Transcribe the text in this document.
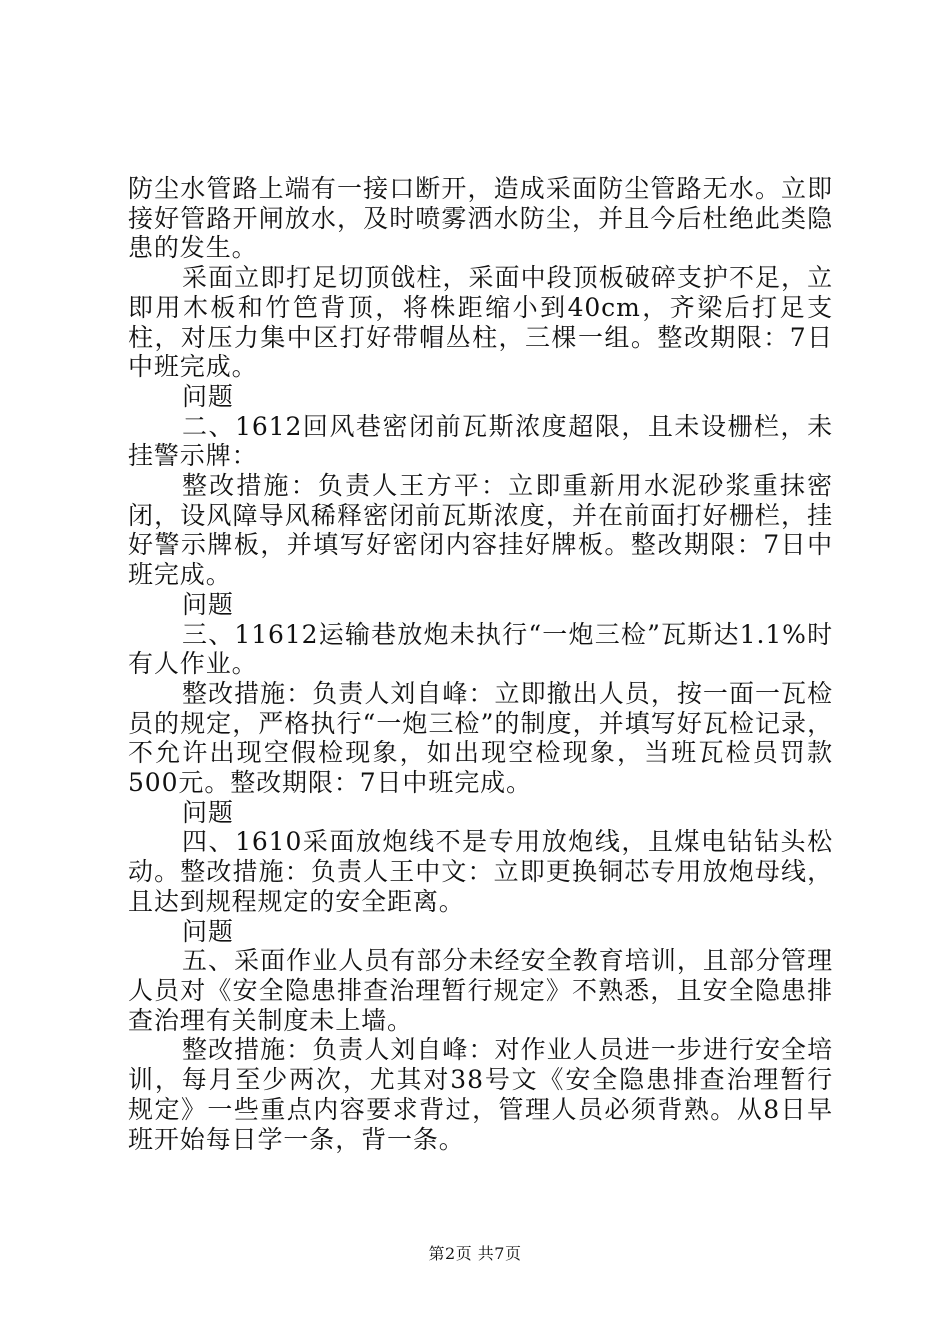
防尘水管路上端有一接口断开，造成采面防尘管路无水。立即接好管路开闸放水，及时喷雾洒水防尘，并且今后杜绝此类隐患的发生。

采面立即打足切顶戗柱，采面中段顶板破碎支护不足，立即用木板和竹笆背顶，将株距缩小到40cm，齐梁后打足支柱，对压力集中区打好带帽丛柱，三棵一组。整改期限：7日中班完成。

问题

二、1612回风巷密闭前瓦斯浓度超限，且未设栅栏，未挂警示牌：

整改措施：负责人王方平：立即重新用水泥砂浆重抹密闭，设风障导风稀释密闭前瓦斯浓度，并在前面打好栅栏，挂好警示牌板，并填写好密闭内容挂好牌板。整改期限：7日中班完成。

问题

三、11612运输巷放炮未执行“一炮三检”瓦斯达1.1%时有人作业。

整改措施：负责人刘自峰：立即撤出人员，按一面一瓦检员的规定，严格执行“一炮三检”的制度，并填写好瓦检记录，不允许出现空假检现象，如出现空检现象，当班瓦检员罚款500元。整改期限：7日中班完成。

问题

四、1610采面放炮线不是专用放炮线，且煤电钻钻头松动。整改措施：负责人王中文：立即更换铜芯专用放炮母线，且达到规程规定的安全距离。

问题

五、采面作业人员有部分未经安全教育培训，且部分管理人员对《安全隐患排查治理暂行规定》不熟悉，且安全隐患排查治理有关制度未上墙。

整改措施：负责人刘自峰：对作业人员进一步进行安全培训，每月至少两次，尤其对38号文《安全隐患排查治理暂行规定》一些重点内容要求背过，管理人员必须背熟。从8日早班开始每日学一条，背一条。

第2页 共7页
